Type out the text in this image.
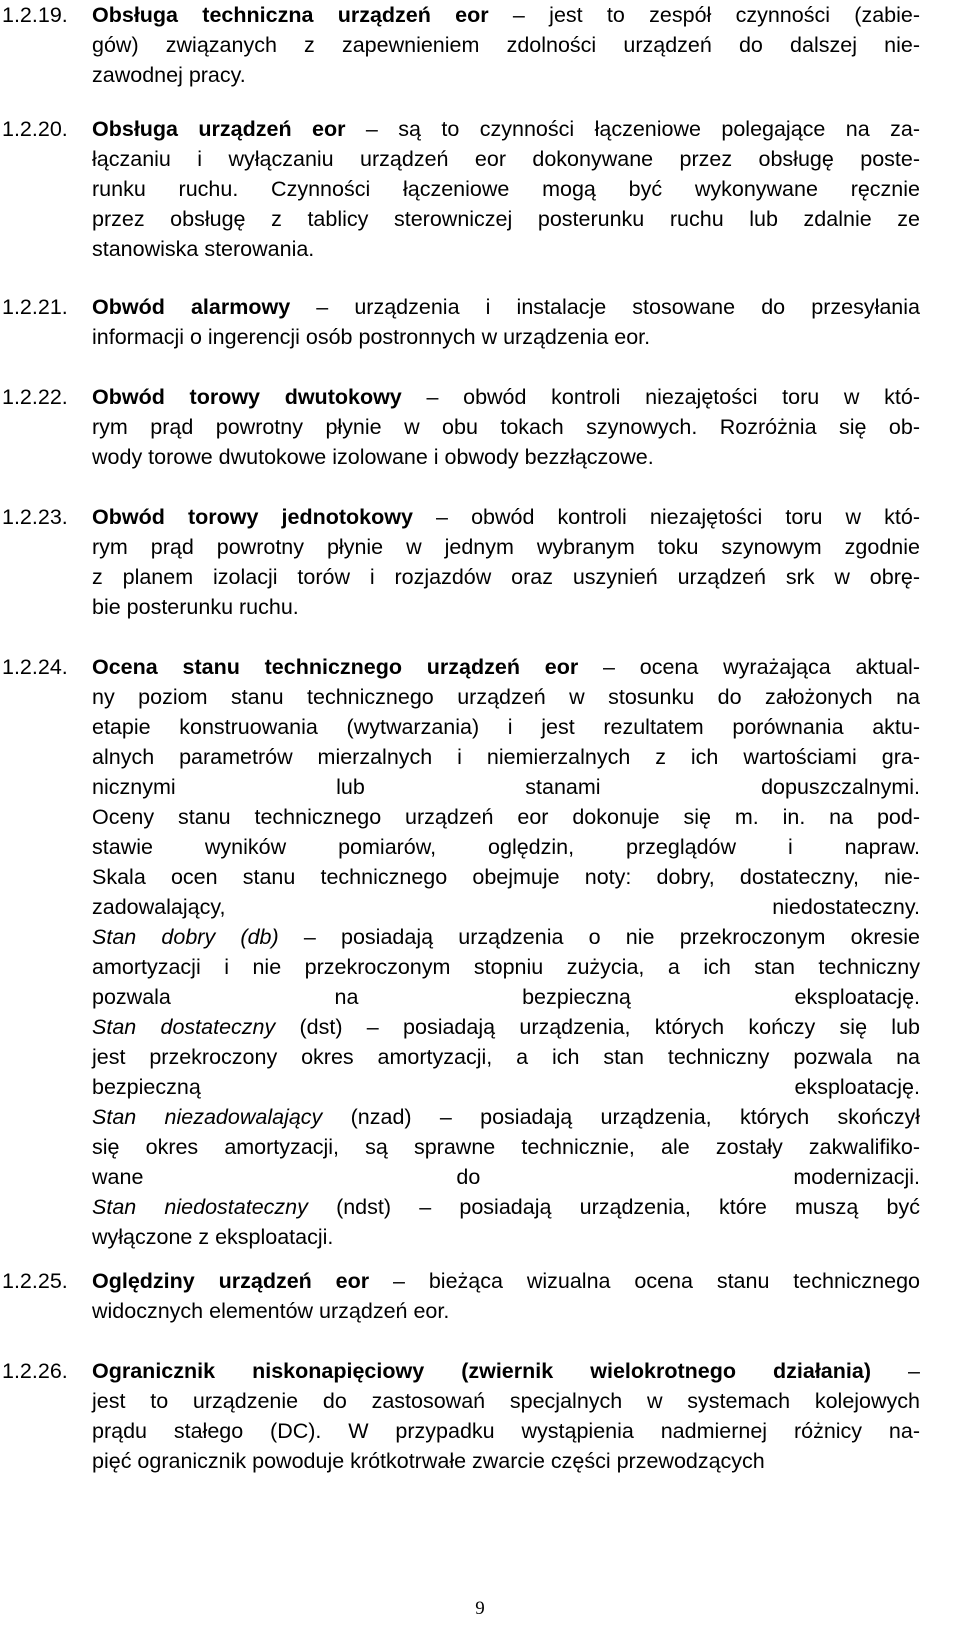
1.2.19. Obsługa techniczna urządzeń eor – jest to zespół czynności (zabie-
gów) związanych z zapewnieniem zdolności urządzeń do dalszej nie-
zawodnej pracy.
1.2.20. Obsługa urządzeń eor – są to czynności łączeniowe polegające na za-
łączaniu i wyłączaniu urządzeń eor dokonywane przez obsługę poste-
runku ruchu. Czynności łączeniowe mogą być wykonywane ręcznie
przez obsługę z tablicy sterowniczej posterunku ruchu lub zdalnie ze
stanowiska sterowania.
1.2.21. Obwód alarmowy – urządzenia i instalacje stosowane do przesyłania
informacji o ingerencji osób postronnych w urządzenia eor.
1.2.22. Obwód torowy dwutokowy – obwód kontroli niezajętości toru w któ-
rym prąd powrotny płynie w obu tokach szynowych. Rozróżnia się ob-
wody torowe dwutokowe izolowane i obwody bezzłączowe.
1.2.23. Obwód torowy jednotokowy – obwód kontroli niezajętości toru w któ-
rym prąd powrotny płynie w jednym wybranym toku szynowym zgodnie
z planem izolacji torów i rozjazdów oraz uszynień urządzeń srk w obrę-
bie posterunku ruchu.
1.2.24. Ocena stanu technicznego urządzeń eor – ocena wyrażająca aktual-
ny poziom stanu technicznego urządzeń w stosunku do założonych na
etapie konstruowania (wytwarzania) i jest rezultatem porównania aktu-
alnych parametrów mierzalnych i niemierzalnych z ich wartościami gra-
nicznymi lub stanami dopuszczalnymi.
Oceny stanu technicznego urządzeń eor dokonuje się m. in. na pod-
stawie wyników pomiarów, oględzin, przeglądów i napraw.
Skala ocen stanu technicznego obejmuje noty: dobry, dostateczny, nie-
zadowalający, niedostateczny.
Stan dobry (db) – posiadają urządzenia o nie przekroczonym okresie
amortyzacji i nie przekroczonym stopniu zużycia, a ich stan techniczny
pozwala na bezpieczną eksploatację.
Stan dostateczny (dst) – posiadają urządzenia, których kończy się lub
jest przekroczony okres amortyzacji, a ich stan techniczny pozwala na
bezpieczną eksploatację.
Stan niezadowalający (nzad) – posiadają urządzenia, których skończył
się okres amortyzacji, są sprawne technicznie, ale zostały zakwalifiko-
wane do modernizacji.
Stan niedostateczny (ndst) – posiadają urządzenia, które muszą być
wyłączone z eksploatacji.
1.2.25. Oględziny urządzeń eor – bieżąca wizualna ocena stanu technicznego
widocznych elementów urządzeń eor.
1.2.26. Ogranicznik niskonapięciowy (zwiernik wielokrotnego działania) –
jest to urządzenie do zastosowań specjalnych w systemach kolejowych
prądu stałego (DC). W przypadku wystąpienia nadmiernej różnicy na-
pięć ogranicznik powoduje krótkotrwałe zwarcie części przewodzących
9
